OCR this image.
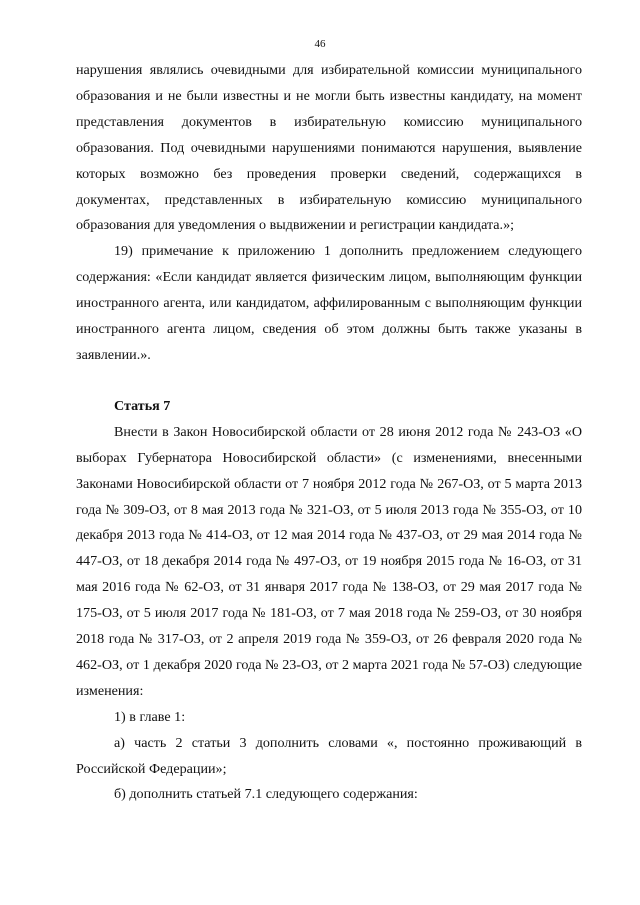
46

нарушения являлись очевидными для избирательной комиссии муниципального образования и не были известны и не могли быть известны кандидату, на момент представления документов в избирательную комиссию муниципального образования. Под очевидными нарушениями понимаются нарушения, выявление которых возможно без проведения проверки сведений, содержащихся в документах, представленных в избирательную комиссию муниципального образования для уведомления о выдвижении и регистрации кандидата.»;

19) примечание к приложению 1 дополнить предложением следующего содержания: «Если кандидат является физическим лицом, выполняющим функции иностранного агента, или кандидатом, аффилированным с выполняющим функции иностранного агента лицом, сведения об этом должны быть также указаны в заявлении.».

Статья 7

Внести в Закон Новосибирской области от 28 июня 2012 года № 243-ОЗ «О выборах Губернатора Новосибирской области» (с изменениями, внесенными Законами Новосибирской области от 7 ноября 2012 года № 267-ОЗ, от 5 марта 2013 года № 309-ОЗ, от 8 мая 2013 года № 321-ОЗ, от 5 июля 2013 года № 355-ОЗ, от 10 декабря 2013 года № 414-ОЗ, от 12 мая 2014 года № 437-ОЗ, от 29 мая 2014 года № 447-ОЗ, от 18 декабря 2014 года № 497-ОЗ, от 19 ноября 2015 года № 16-ОЗ, от 31 мая 2016 года № 62-ОЗ, от 31 января 2017 года № 138-ОЗ, от 29 мая 2017 года № 175-ОЗ, от 5 июля 2017 года № 181-ОЗ, от 7 мая 2018 года № 259-ОЗ, от 30 ноября 2018 года № 317-ОЗ, от 2 апреля 2019 года № 359-ОЗ, от 26 февраля 2020 года № 462-ОЗ, от 1 декабря 2020 года № 23-ОЗ, от 2 марта 2021 года № 57-ОЗ) следующие изменения:

1) в главе 1:

а) часть 2 статьи 3 дополнить словами «, постоянно проживающий в Российской Федерации»;

б) дополнить статьей 7.1 следующего содержания:
